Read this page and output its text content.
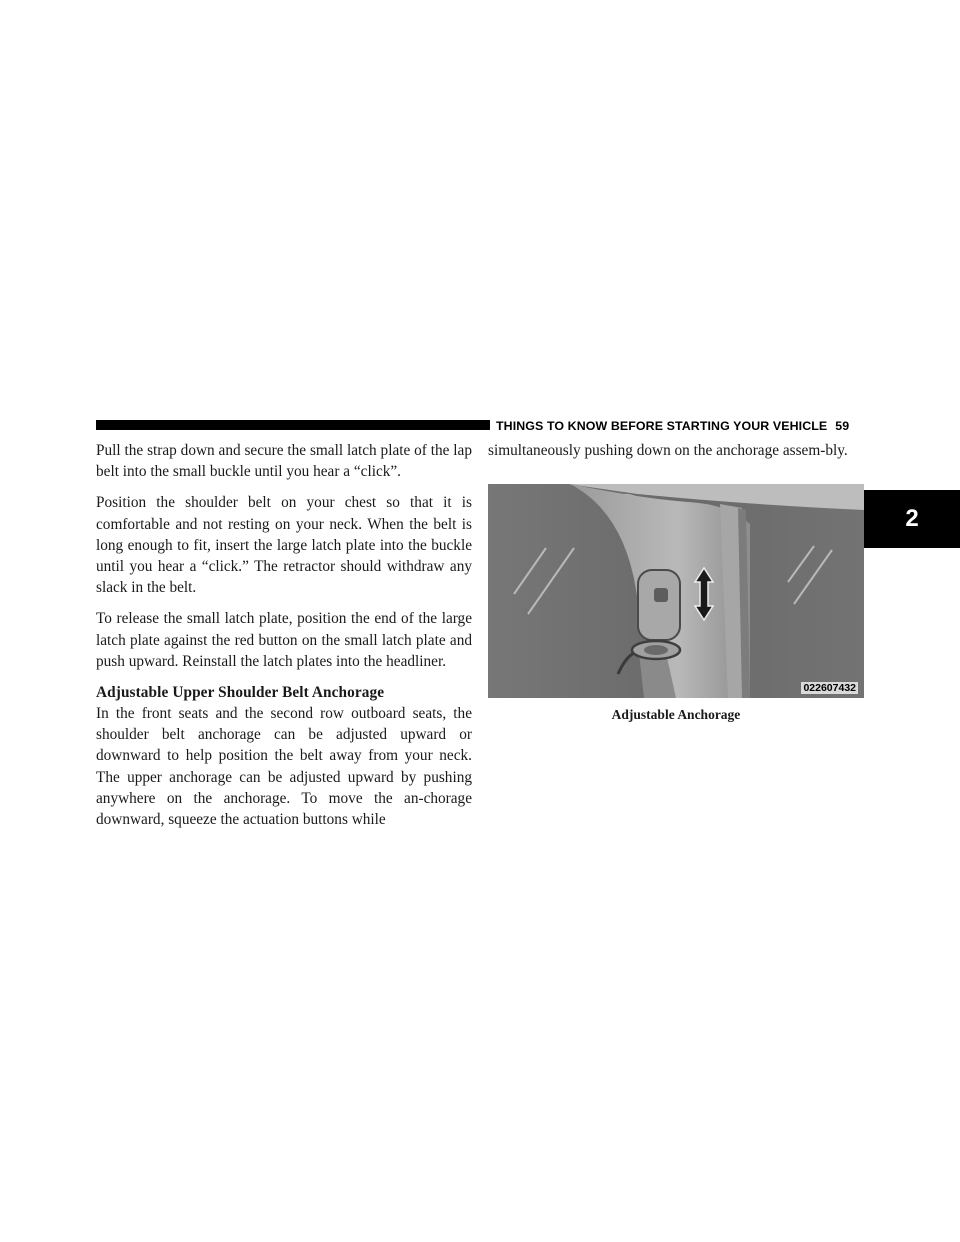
THINGS TO KNOW BEFORE STARTING YOUR VEHICLE 59
2

Pull the strap down and secure the small latch plate of the lap belt into the small buckle until you hear a “click”.

Position the shoulder belt on your chest so that it is comfortable and not resting on your neck. When the belt is long enough to fit, insert the large latch plate into the buckle until you hear a “click.” The retractor should withdraw any slack in the belt.

To release the small latch plate, position the end of the large latch plate against the red button on the small latch plate and push upward. Reinstall the latch plates into the headliner.

Adjustable Upper Shoulder Belt Anchorage

In the front seats and the second row outboard seats, the shoulder belt anchorage can be adjusted upward or downward to help position the belt away from your neck. The upper anchorage can be adjusted upward by pushing anywhere on the anchorage. To move the an-chorage downward, squeeze the actuation buttons while

simultaneously pushing down on the anchorage assem-bly.

022607432
Adjustable Anchorage
